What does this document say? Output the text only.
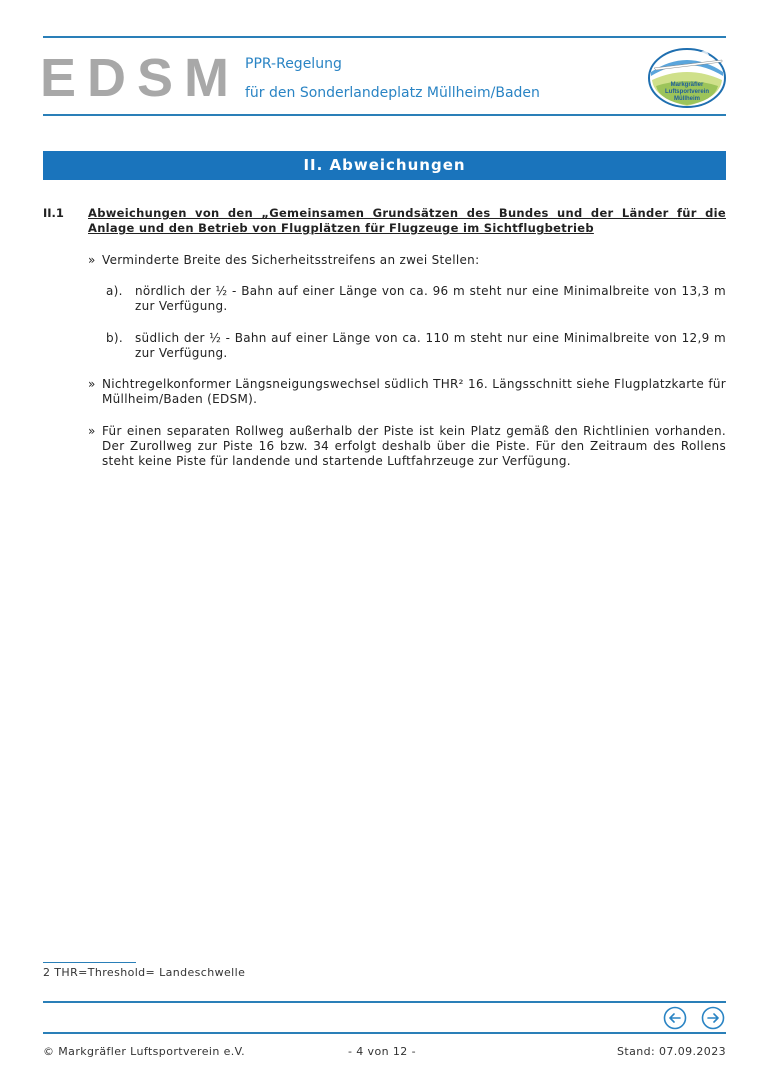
EDSM PPR-Regelung
für den Sonderlandeplatz Müllheim/Baden	Markgräfler
Luftsportverein
Müllheim
II. Abweichungen
II.1 Abweichungen von den „Gemeinsamen Grundsätzen des Bundes und der Länder für die Anlage und den Betrieb von Flugplätzen für Flugzeuge im Sichtflugbetrieb
» Verminderte Breite des Sicherheitsstreifens an zwei Stellen:
a). nördlich der ½ - Bahn auf einer Länge von ca. 96 m steht nur eine Minimalbreite von 13,3 m zur Verfügung.
b). südlich der ½ - Bahn auf einer Länge von ca. 110 m steht nur eine Minimalbreite von 12,9 m zur Verfügung.
» Nichtregelkonformer Längsneigungswechsel südlich THR² 16. Längsschnitt siehe Flugplatzkarte für Müllheim/Baden (EDSM).
» Für einen separaten Rollweg außerhalb der Piste ist kein Platz gemäß den Richtlinien vorhanden. Der Zurollweg zur Piste 16 bzw. 34 erfolgt deshalb über die Piste. Für den Zeitraum des Rollens steht keine Piste für landende und startende Luftfahrzeuge zur Verfügung.
2 THR=Threshold= Landeschwelle
© Markgräfler Luftsportverein e.V.	- 4 von 12 -	Stand: 07.09.2023
